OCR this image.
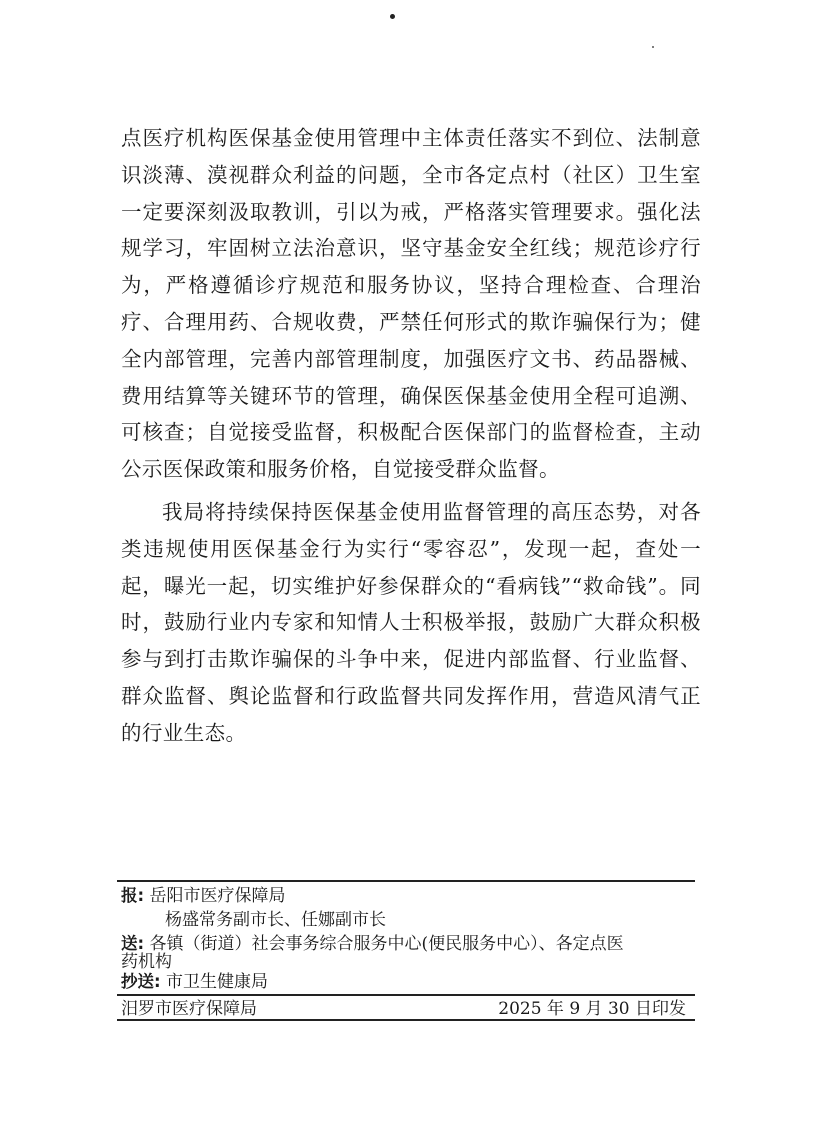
点医疗机构医保基金使用管理中主体责任落实不到位、法制意识淡薄、漠视群众利益的问题，全市各定点村（社区）卫生室一定要深刻汲取教训，引以为戒，严格落实管理要求。强化法规学习，牢固树立法治意识，坚守基金安全红线；规范诊疗行为，严格遵循诊疗规范和服务协议，坚持合理检查、合理治疗、合理用药、合规收费，严禁任何形式的欺诈骗保行为；健全内部管理，完善内部管理制度，加强医疗文书、药品器械、费用结算等关键环节的管理，确保医保基金使用全程可追溯、可核查；自觉接受监督，积极配合医保部门的监督检查，主动公示医保政策和服务价格，自觉接受群众监督。

我局将持续保持医保基金使用监督管理的高压态势，对各类违规使用医保基金行为实行“零容忍”，发现一起，查处一起，曝光一起，切实维护好参保群众的“看病钱”“救命钱”。同时，鼓励行业内专家和知情人士积极举报，鼓励广大群众积极参与到打击欺诈骗保的斗争中来，促进内部监督、行业监督、群众监督、舆论监督和行政监督共同发挥作用，营造风清气正的行业生态。

报: 岳阳市医疗保障局
杨盛常务副市长、任娜副市长
送: 各镇（街道）社会事务综合服务中心(便民服务中心）、各定点医
药机构
抄送: 市卫生健康局
汨罗市医疗保障局	2025 年 9 月 30 日印发
